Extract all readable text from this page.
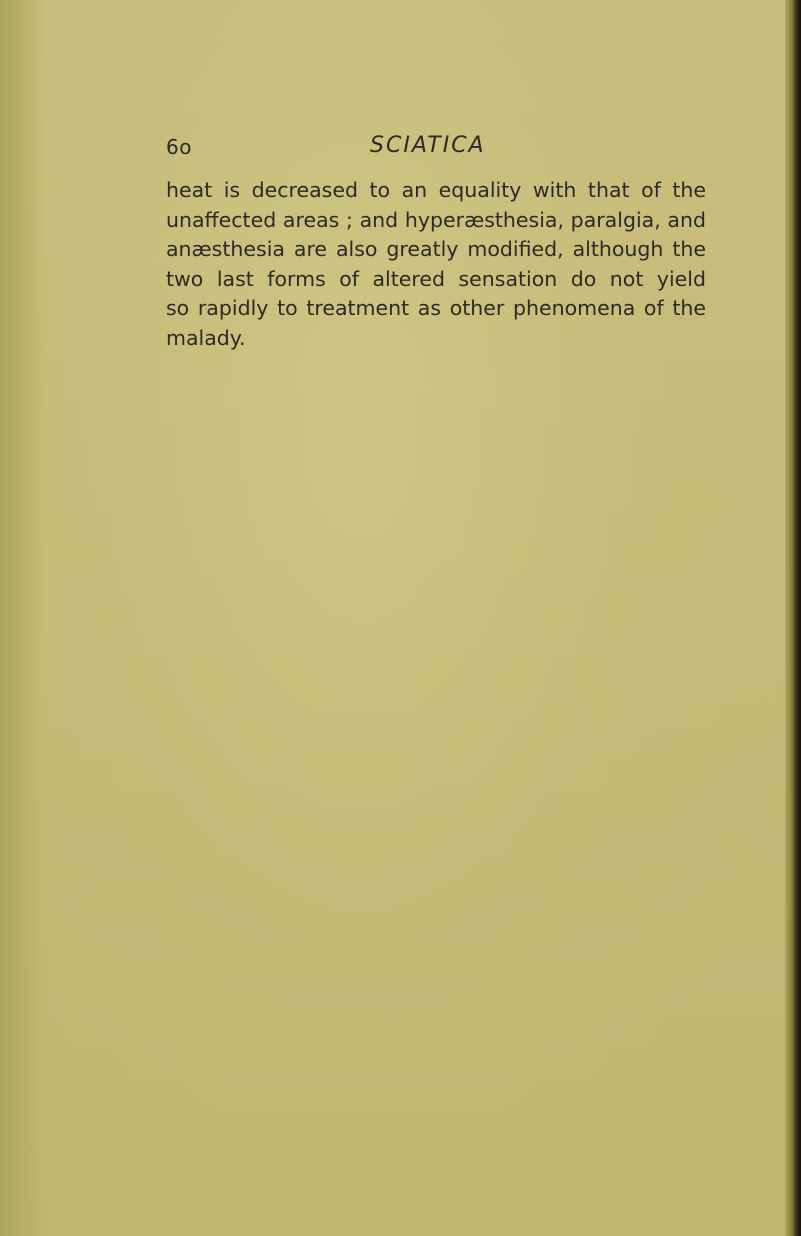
6o	SCIATICA

heat is decreased to an equality with that of the
unaffected areas ; and hyperæsthesia, paralgia, and
anæsthesia are also greatly modified, although the
two last forms of altered sensation do not yield
so rapidly to treatment as other phenomena of the
malady.
